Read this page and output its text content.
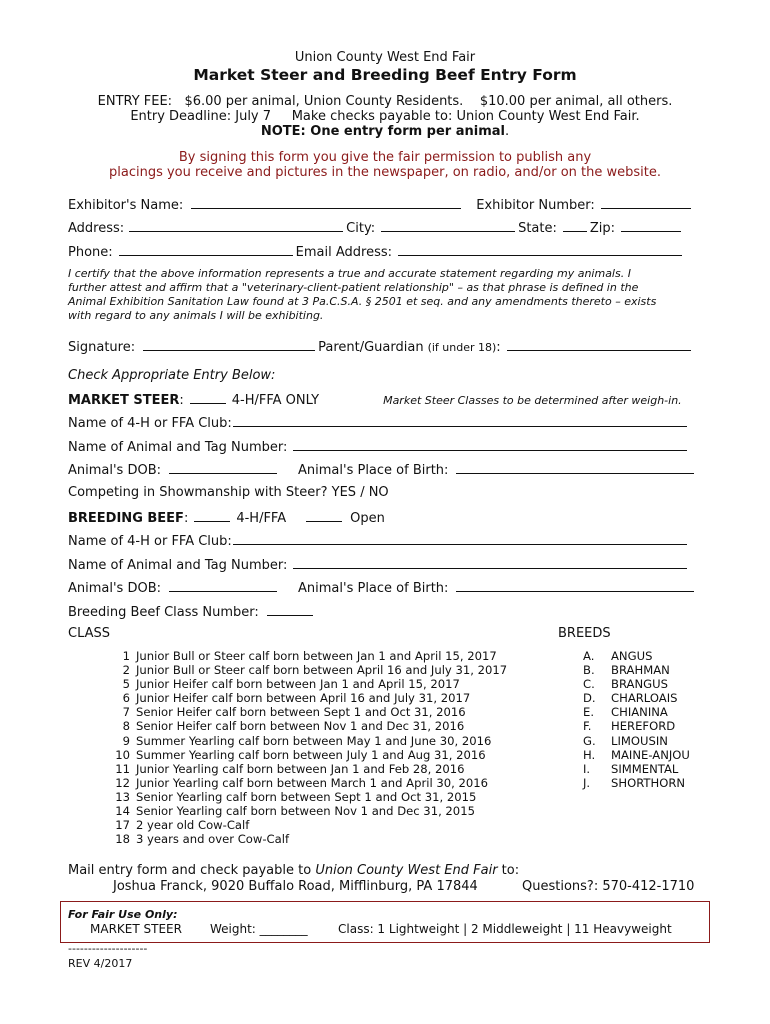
Union County West End Fair
Market Steer and Breeding Beef Entry Form
ENTRY FEE:   $6.00 per animal, Union County Residents.    $10.00 per animal, all others.
Entry Deadline: July 7     Make checks payable to: Union County West End Fair.
NOTE: One entry form per animal.
By signing this form you give the fair permission to publish any
placings you receive and pictures in the newspaper, on radio, and/or on the website.
Exhibitor's Name:	Exhibitor Number:
Address:	City:	State:	Zip:
Phone:	Email Address:
I certify that the above information represents a true and accurate statement regarding my animals. I
further attest and affirm that a "veterinary-client-patient relationship" – as that phrase is defined in the
Animal Exhibition Sanitation Law found at 3 Pa.C.S.A. § 2501 et seq. and any amendments thereto – exists
with regard to any animals I will be exhibiting.
Signature:	Parent/Guardian (if under 18) :
Check Appropriate Entry Below:
MARKET STEER :	4-H/FFA ONLY	Market Steer Classes to be determined after weigh-in.
Name of 4-H or FFA Club:
Name of Animal and Tag Number:
Animal's DOB:	Animal's Place of Birth:
Competing in Showmanship with Steer? YES / NO
BREEDING BEEF :	4-H/FFA	Open
Name of 4-H or FFA Club:
Name of Animal and Tag Number:
Animal's DOB:	Animal's Place of Birth:
Breeding Beef Class Number:
CLASS	BREEDS
1 Junior Bull or Steer calf born between Jan 1 and April 15, 2017
2 Junior Bull or Steer calf born between April 16 and July 31, 2017
5 Junior Heifer calf born between Jan 1 and April 15, 2017
6 Junior Heifer calf born between April 16 and July 31, 2017
7 Senior Heifer calf born between Sept 1 and Oct 31, 2016
8 Senior Heifer calf born between Nov 1 and Dec 31, 2016
9 Summer Yearling calf born between May 1 and June 30, 2016
10 Summer Yearling calf born between July 1 and Aug 31, 2016
11 Junior Yearling calf born between Jan 1 and Feb 28, 2016
12 Junior Yearling calf born between March 1 and April 30, 2016
13 Senior Yearling calf born between Sept 1 and Oct 31, 2015
14 Senior Yearling calf born between Nov 1 and Dec 31, 2015
17 2 year old Cow-Calf
18 3 years and over Cow-Calf
A.	ANGUS
B.	BRAHMAN
C.	BRANGUS
D.	CHARLOAIS
E.	CHIANINA
F.	HEREFORD
G.	LIMOUSIN
H.	MAINE-ANJOU
I.	SIMMENTAL
J.	SHORTHORN
Mail entry form and check payable to Union County West End Fair to:
Joshua Franck, 9020 Buffalo Road, Mifflinburg, PA 17844	Questions?: 570-412-1710
For Fair Use Only:
MARKET STEER Weight: ________	Class: 1 Lightweight | 2 Middleweight | 11 Heavyweight
--------------------
REV 4/2017
